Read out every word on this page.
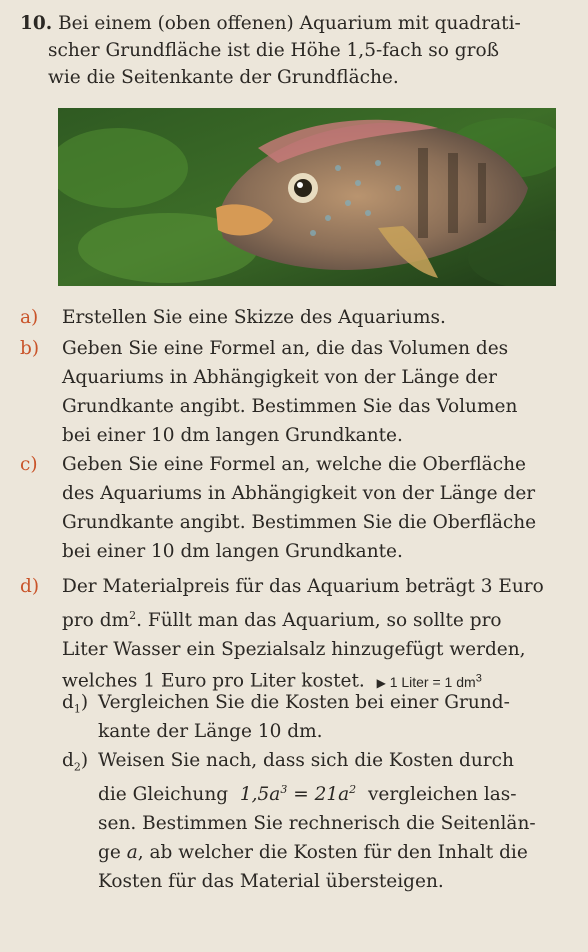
10. Bei einem (oben offenen) Aquarium mit quadrati-
scher Grundfläche ist die Höhe 1,5-fach so groß
wie die Seitenkante der Grundfläche.
a)	Erstellen Sie eine Skizze des Aquariums.
b)	Geben Sie eine Formel an, die das Volumen des
Aquariums in Abhängigkeit von der Länge der
Grundkante angibt. Bestimmen Sie das Volumen
bei einer 10 dm langen Grundkante.
c)	Geben Sie eine Formel an, welche die Oberfläche
des Aquariums in Abhängigkeit von der Länge der
Grundkante angibt. Bestimmen Sie die Oberfläche
bei einer 10 dm langen Grundkante.
d)	Der Materialpreis für das Aquarium beträgt 3 Euro
pro $dm^2$. Füllt man das Aquarium, so sollte pro
Liter Wasser ein Spezialsalz hinzugefügt werden,
welches 1 Euro pro Liter kostet. ▶ 1 Liter = 1 $dm^3$
$d_1$) Vergleichen Sie die Kosten bei einer Grund-
kante der Länge 10 dm.
$d_2$) Weisen Sie nach, dass sich die Kosten durch
die Gleichung $1,5a^3 = 21a^2$ vergleichen las-
sen. Bestimmen Sie rechnerisch die Seitenlän-
ge a, ab welcher die Kosten für den Inhalt die
Kosten für das Material übersteigen.
